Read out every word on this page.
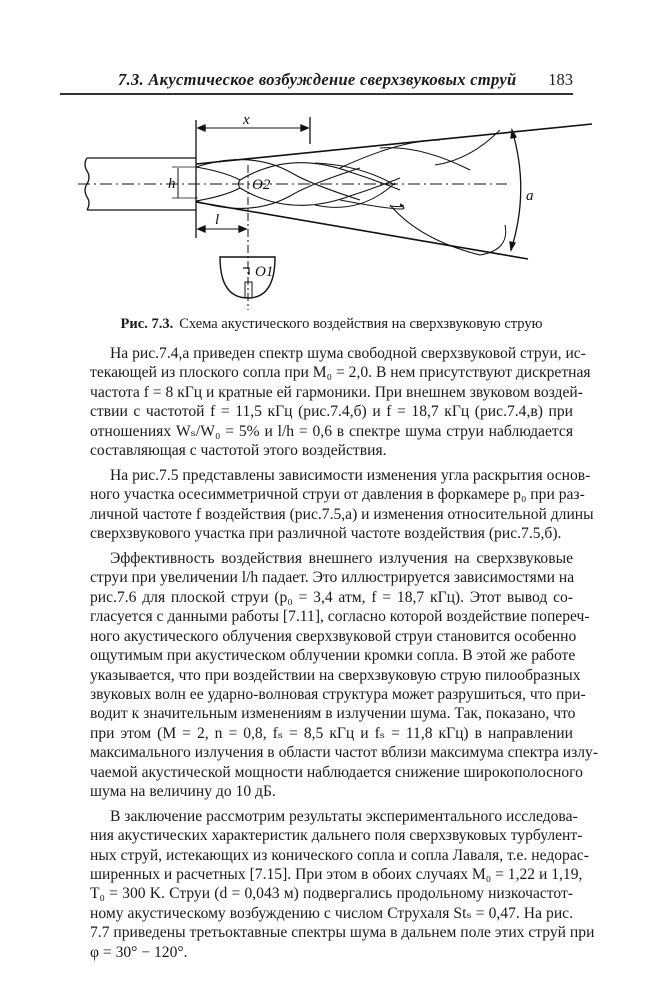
7.3. Акустическое возбуждение сверхзвуковых струй 183
x
h	O2
l
O1
a
Рис. 7.3. Схема акустического воздействия на сверхзвуковую струю
На рис.7.4,а приведен спектр шума свободной сверхзвуковой струи, ис-
текающей из плоского сопла при M₀ = 2,0. В нем присутствуют дискретная
частота f = 8 кГц и кратные ей гармоники. При внешнем звуковом воздей-
ствии с частотой f = 11,5 кГц (рис.7.4,б) и f = 18,7 кГц (рис.7.4,в) при
отношениях Wₛ/W₀ = 5% и l/h = 0,6 в спектре шума струи наблюдается
составляющая с частотой этого воздействия.
На рис.7.5 представлены зависимости изменения угла раскрытия основ-
ного участка осесимметричной струи от давления в форкамере p₀ при раз-
личной частоте f воздействия (рис.7.5,а) и изменения относительной длины
сверхзвукового участка при различной частоте воздействия (рис.7.5,б).
Эффективность воздействия внешнего излучения на сверхзвуковые
струи при увеличении l/h падает. Это иллюстрируется зависимостями на
рис.7.6 для плоской струи (p₀ = 3,4 атм, f = 18,7 кГц). Этот вывод со-
гласуется с данными работы [7.11], согласно которой воздействие попереч-
ного акустического облучения сверхзвуковой струи становится особенно
ощутимым при акустическом облучении кромки сопла. В этой же работе
указывается, что при воздействии на сверхзвуковую струю пилообразных
звуковых волн ее ударно-волновая структура может разрушиться, что при-
водит к значительным изменениям в излучении шума. Так, показано, что
при этом (M = 2, n = 0,8, fₛ = 8,5 кГц и fₛ = 11,8 кГц) в направлении
максимального излучения в области частот вблизи максимума спектра излу-
чаемой акустической мощности наблюдается снижение широкополосного
шума на величину до 10 дБ.
В заключение рассмотрим результаты экспериментального исследова-
ния акустических характеристик дальнего поля сверхзвуковых турбулент-
ных струй, истекающих из конического сопла и сопла Лаваля, т.е. недорас-
ширенных и расчетных [7.15]. При этом в обоих случаях M₀ = 1,22 и 1,19,
T₀ = 300 K. Струи (d = 0,043 м) подвергались продольному низкочастот-
ному акустическому возбуждению с числом Струхаля Stₛ = 0,47. На рис.
7.7 приведены третьоктавные спектры шума в дальнем поле этих струй при
φ = 30° − 120°.
